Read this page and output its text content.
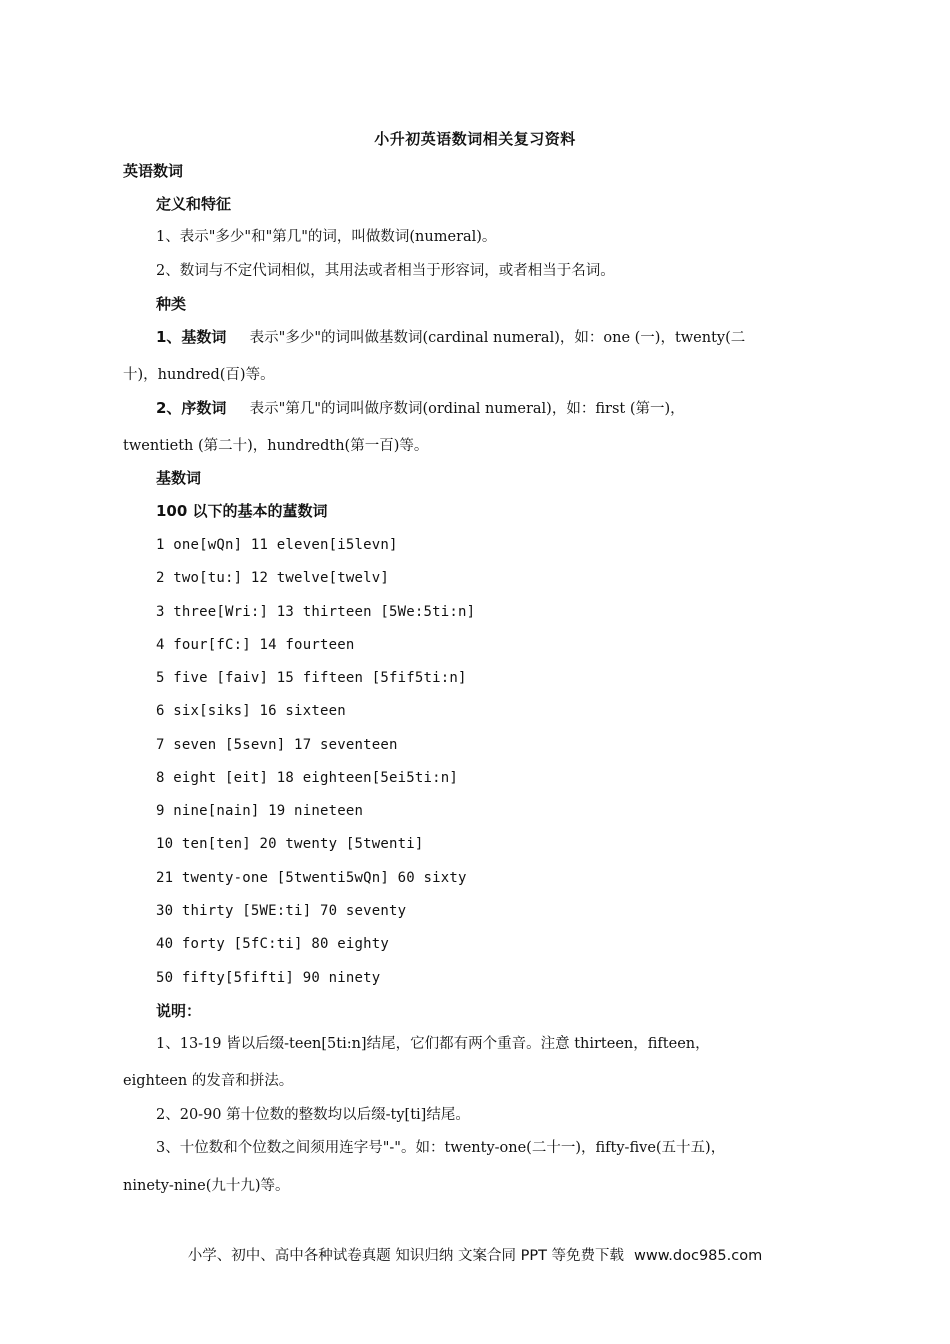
小升初英语数词相关复习资料
英语数词
定义和特征
1、表示"多少"和"第几"的词，叫做数词(numeral)。
2、数词与不定代词相似，其用法或者相当于形容词，或者相当于名词。
种类
1、基数词 表示"多少"的词叫做基数词(cardinal numeral)，如：one (一)，twenty(二
十)，hundred(百)等。
2、序数词 表示"第几"的词叫做序数词(ordinal numeral)，如：first (第一)，
twentieth (第二十)，hundredth(第一百)等。
基数词
100 以下的基本的蓳数词
1 one[wQn] 11 eleven[i5levn]
2 two[tu:] 12 twelve[twelv]
3 three[Wri:] 13 thirteen [5We:5ti:n]
4 four[fC:] 14 fourteen
5 five [faiv] 15 fifteen [5fif5ti:n]
6 six[siks] 16 sixteen
7 seven [5sevn] 17 seventeen
8 eight [eit] 18 eighteen[5ei5ti:n]
9 nine[nain] 19 nineteen
10 ten[ten] 20 twenty [5twenti]
21 twenty-one [5twenti5wQn] 60 sixty
30 thirty [5WE:ti] 70 seventy
40 forty [5fC:ti] 80 eighty
50 fifty[5fifti] 90 ninety
说明：
1、13-19 皆以后缀-teen[5ti:n]结尾，它们都有两个重音。注意 thirteen，fifteen，
eighteen 的发音和拼法。
2、20-90 第十位数的整数均以后缀-ty[ti]结尾。
3、十位数和个位数之间须用连字号"-"。如：twenty-one(二十一)，fifty-five(五十五)，
ninety-nine(九十九)等。
小学、初中、高中各种试卷真题 知识归纳 文案合同 PPT 等免费下载 www.doc985.com
